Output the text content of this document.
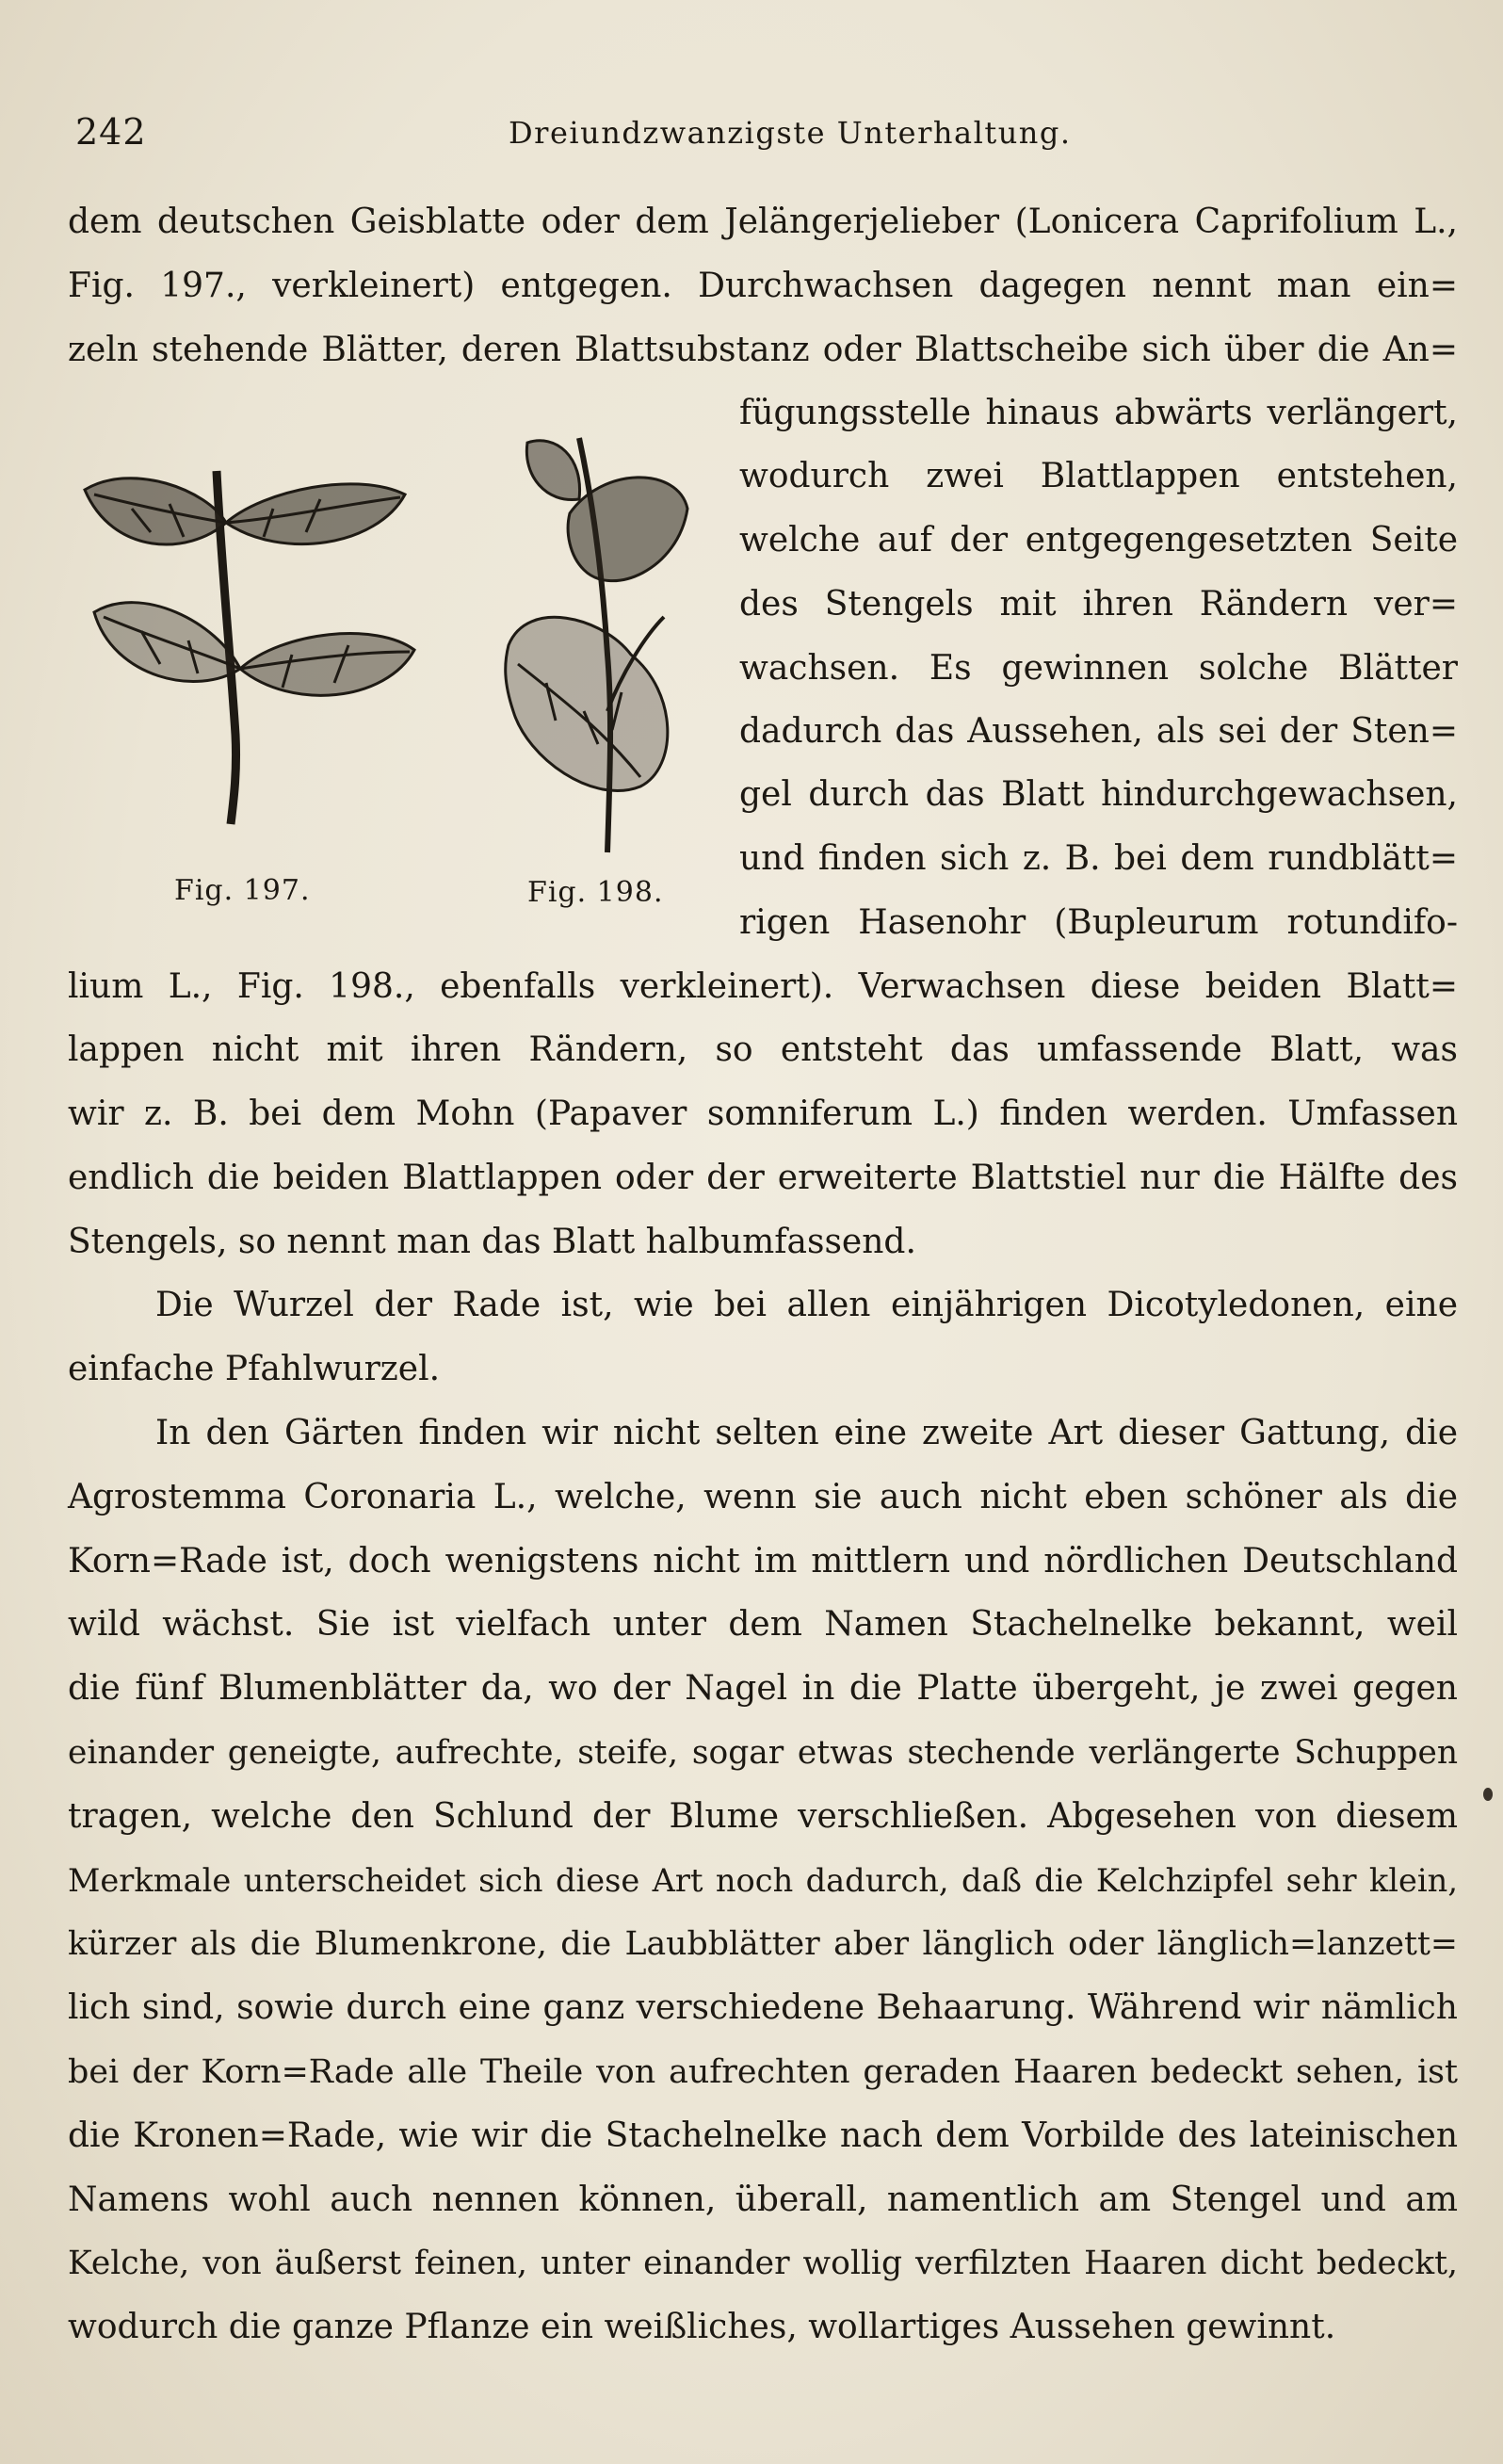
242	Dreiundzwanzigste Unterhaltung.
Fig. 197.	Fig. 198.
dem deutschen Geisblatte oder dem Jelängerjelieber (Lonicera Caprifolium L.,
Fig. 197., verkleinert) entgegen. Durchwachsen dagegen nennt man ein=
zeln stehende Blätter, deren Blattsubstanz oder Blattscheibe sich über die An=
fügungsstelle hinaus abwärts verlängert,
wodurch zwei Blattlappen entstehen,
welche auf der entgegengesetzten Seite
des Stengels mit ihren Rändern ver=
wachsen. Es gewinnen solche Blätter
dadurch das Aussehen, als sei der Sten=
gel durch das Blatt hindurchgewachsen,
und finden sich z. B. bei dem rundblätt=
rigen Hasenohr (Bupleurum rotundifo-
lium L., Fig. 198., ebenfalls verkleinert). Verwachsen diese beiden Blatt=
lappen nicht mit ihren Rändern, so entsteht das umfassende Blatt, was
wir z. B. bei dem Mohn (Papaver somniferum L.) finden werden. Umfassen
endlich die beiden Blattlappen oder der erweiterte Blattstiel nur die Hälfte des
Stengels, so nennt man das Blatt halbumfassend.
Die Wurzel der Rade ist, wie bei allen einjährigen Dicotyledonen, eine
einfache Pfahlwurzel.
In den Gärten finden wir nicht selten eine zweite Art dieser Gattung, die
Agrostemma Coronaria L., welche, wenn sie auch nicht eben schöner als die
Korn=Rade ist, doch wenigstens nicht im mittlern und nördlichen Deutschland
wild wächst. Sie ist vielfach unter dem Namen Stachelnelke bekannt, weil
die fünf Blumenblätter da, wo der Nagel in die Platte übergeht, je zwei gegen
einander geneigte, aufrechte, steife, sogar etwas stechende verlängerte Schuppen
tragen, welche den Schlund der Blume verschließen. Abgesehen von diesem
Merkmale unterscheidet sich diese Art noch dadurch, daß die Kelchzipfel sehr klein,
kürzer als die Blumenkrone, die Laubblätter aber länglich oder länglich=lanzett=
lich sind, sowie durch eine ganz verschiedene Behaarung. Während wir nämlich
bei der Korn=Rade alle Theile von aufrechten geraden Haaren bedeckt sehen, ist
die Kronen=Rade, wie wir die Stachelnelke nach dem Vorbilde des lateinischen
Namens wohl auch nennen können, überall, namentlich am Stengel und am
Kelche, von äußerst feinen, unter einander wollig verfilzten Haaren dicht bedeckt,
wodurch die ganze Pflanze ein weißliches, wollartiges Aussehen gewinnt.
